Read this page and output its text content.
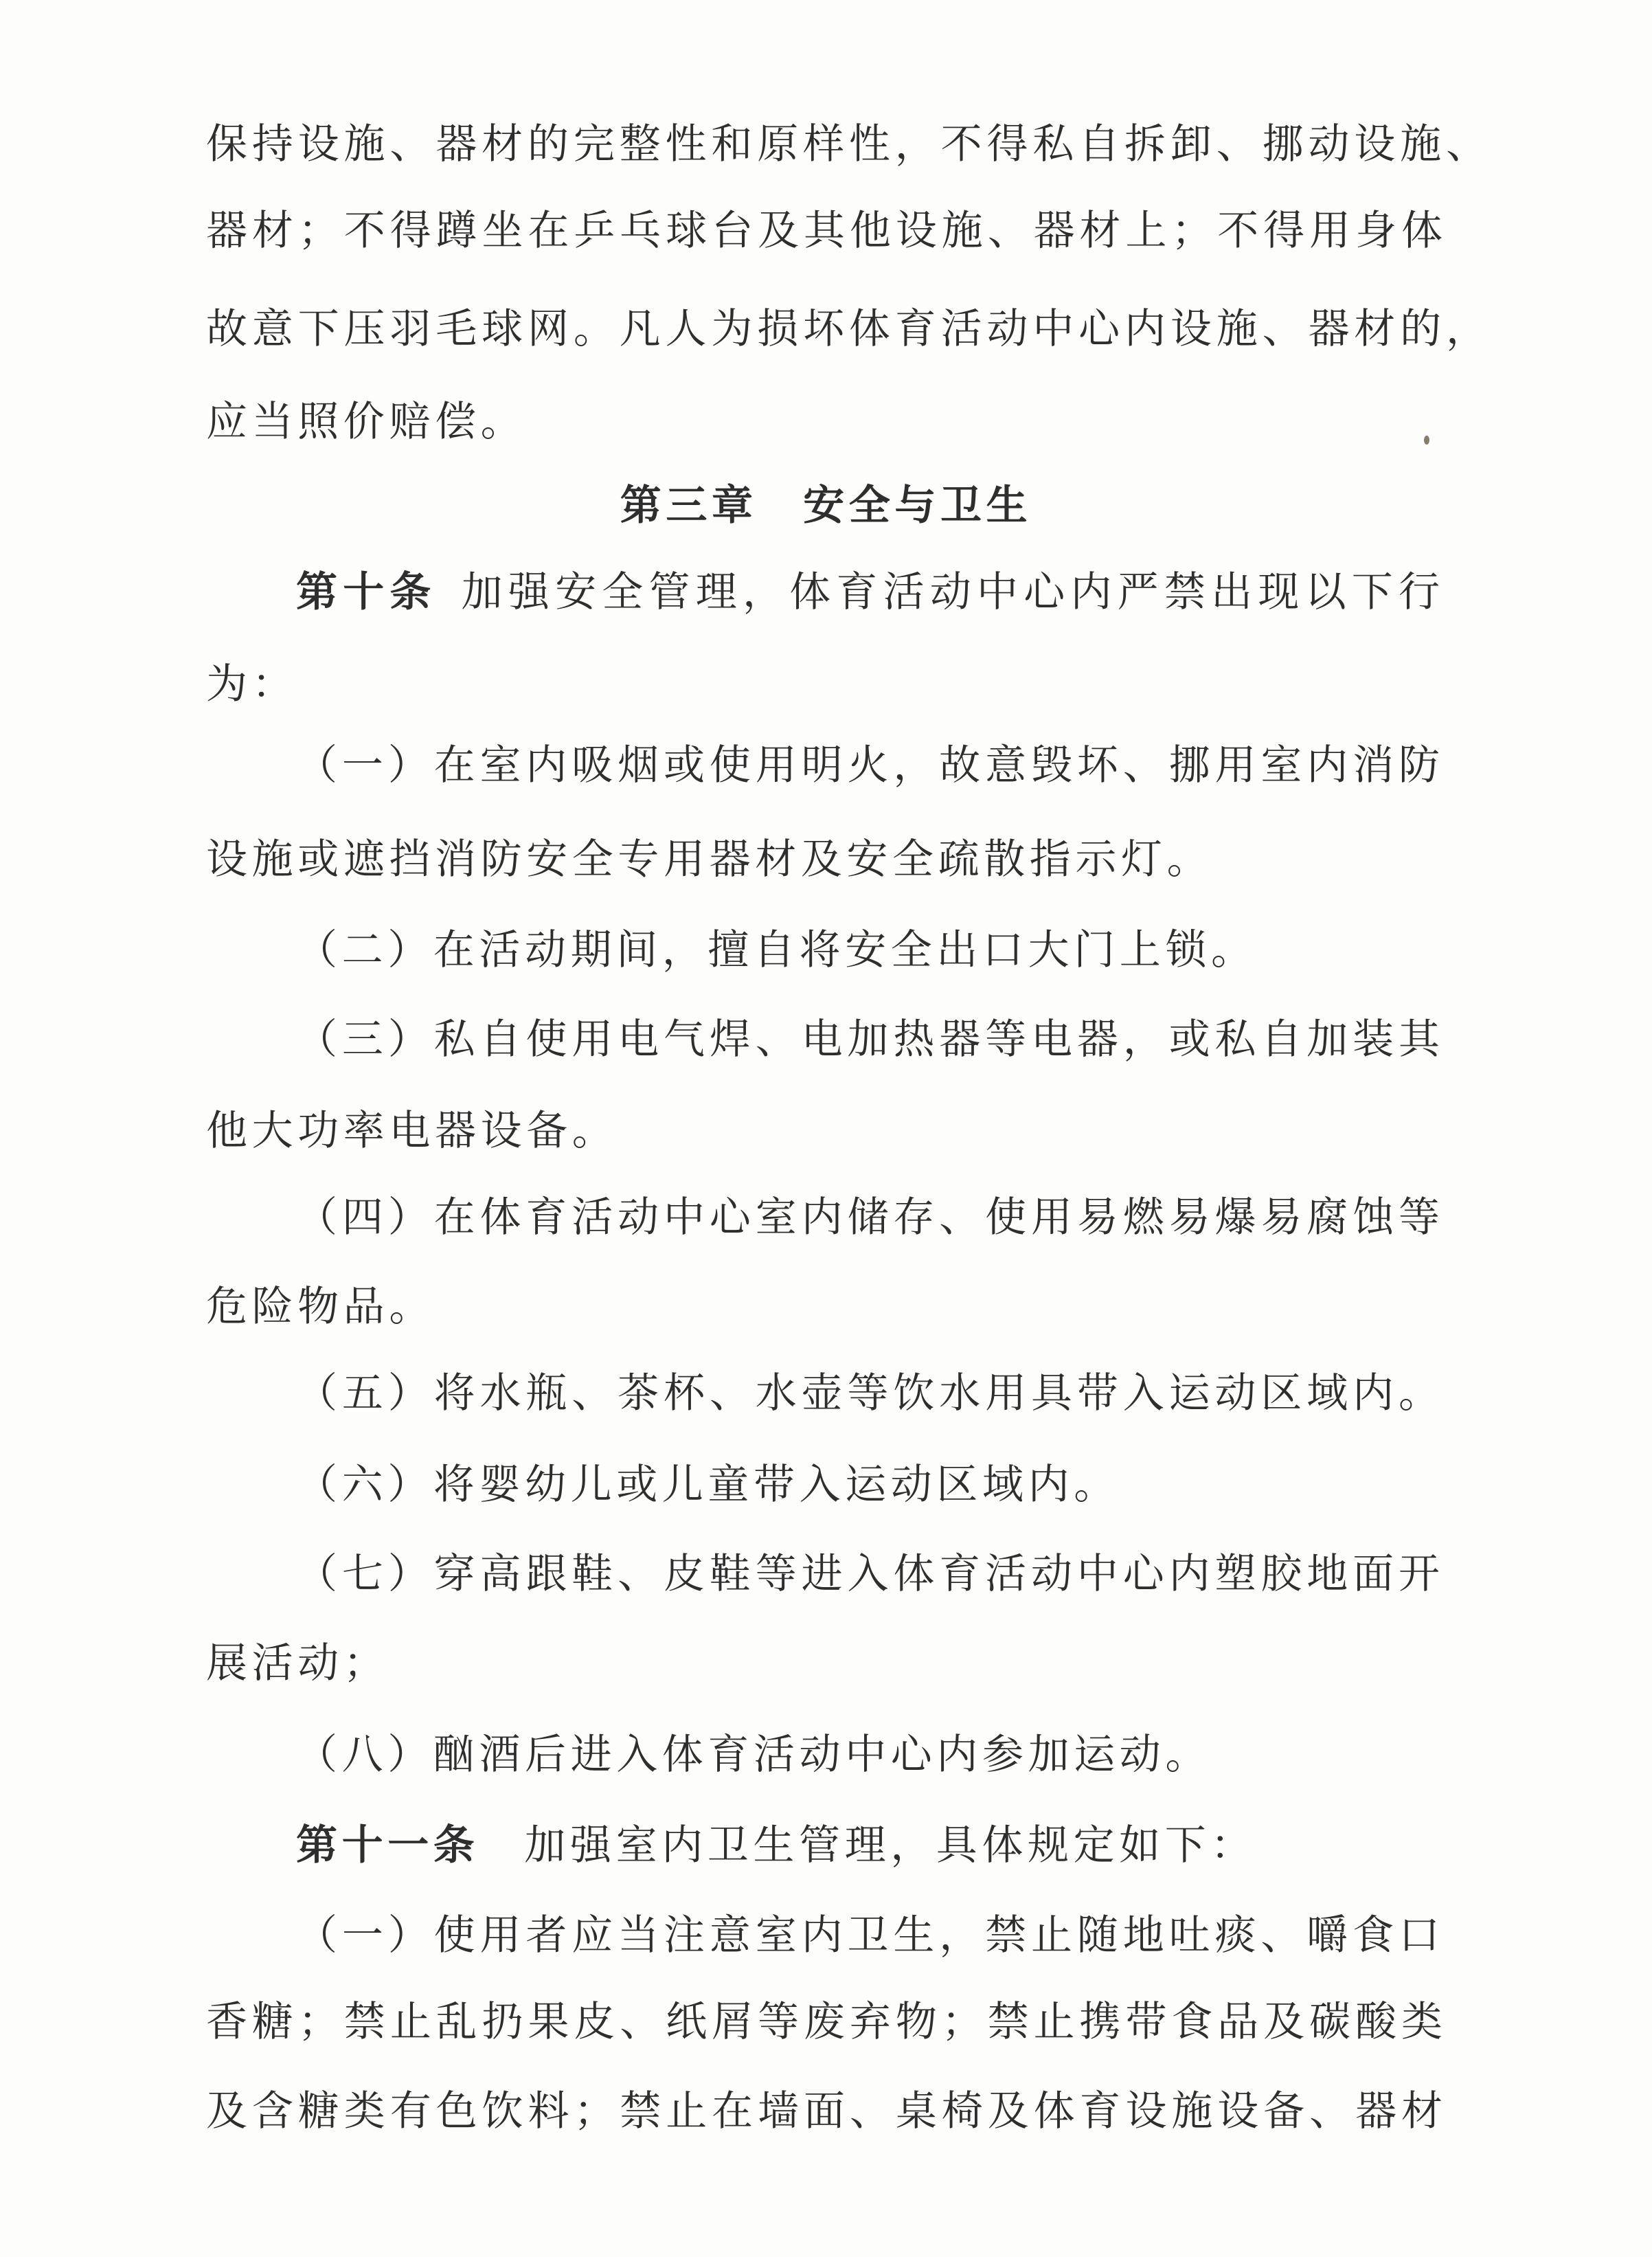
保持设施、器材的完整性和原样性，不得私自拆卸、挪动设施、
器材；不得蹲坐在乒乓球台及其他设施、器材上；不得用身体
故意下压羽毛球网。凡人为损坏体育活动中心内设施、器材的，
应当照价赔偿。
第三章　安全与卫生
第十条 加强安全管理，体育活动中心内严禁出现以下行
为：
（一）在室内吸烟或使用明火，故意毁坏、挪用室内消防
设施或遮挡消防安全专用器材及安全疏散指示灯。
（二）在活动期间，擅自将安全出口大门上锁。
（三）私自使用电气焊、电加热器等电器，或私自加装其
他大功率电器设备。
（四）在体育活动中心室内储存、使用易燃易爆易腐蚀等
危险物品。
（五）将水瓶、茶杯、水壶等饮水用具带入运动区域内。
（六）将婴幼儿或儿童带入运动区域内。
（七）穿高跟鞋、皮鞋等进入体育活动中心内塑胶地面开
展活动；
（八）酗酒后进入体育活动中心内参加运动。
第十一条 加强室内卫生管理，具体规定如下：
（一）使用者应当注意室内卫生，禁止随地吐痰、嚼食口
香糖；禁止乱扔果皮、纸屑等废弃物；禁止携带食品及碳酸类
及含糖类有色饮料；禁止在墙面、桌椅及体育设施设备、器材
